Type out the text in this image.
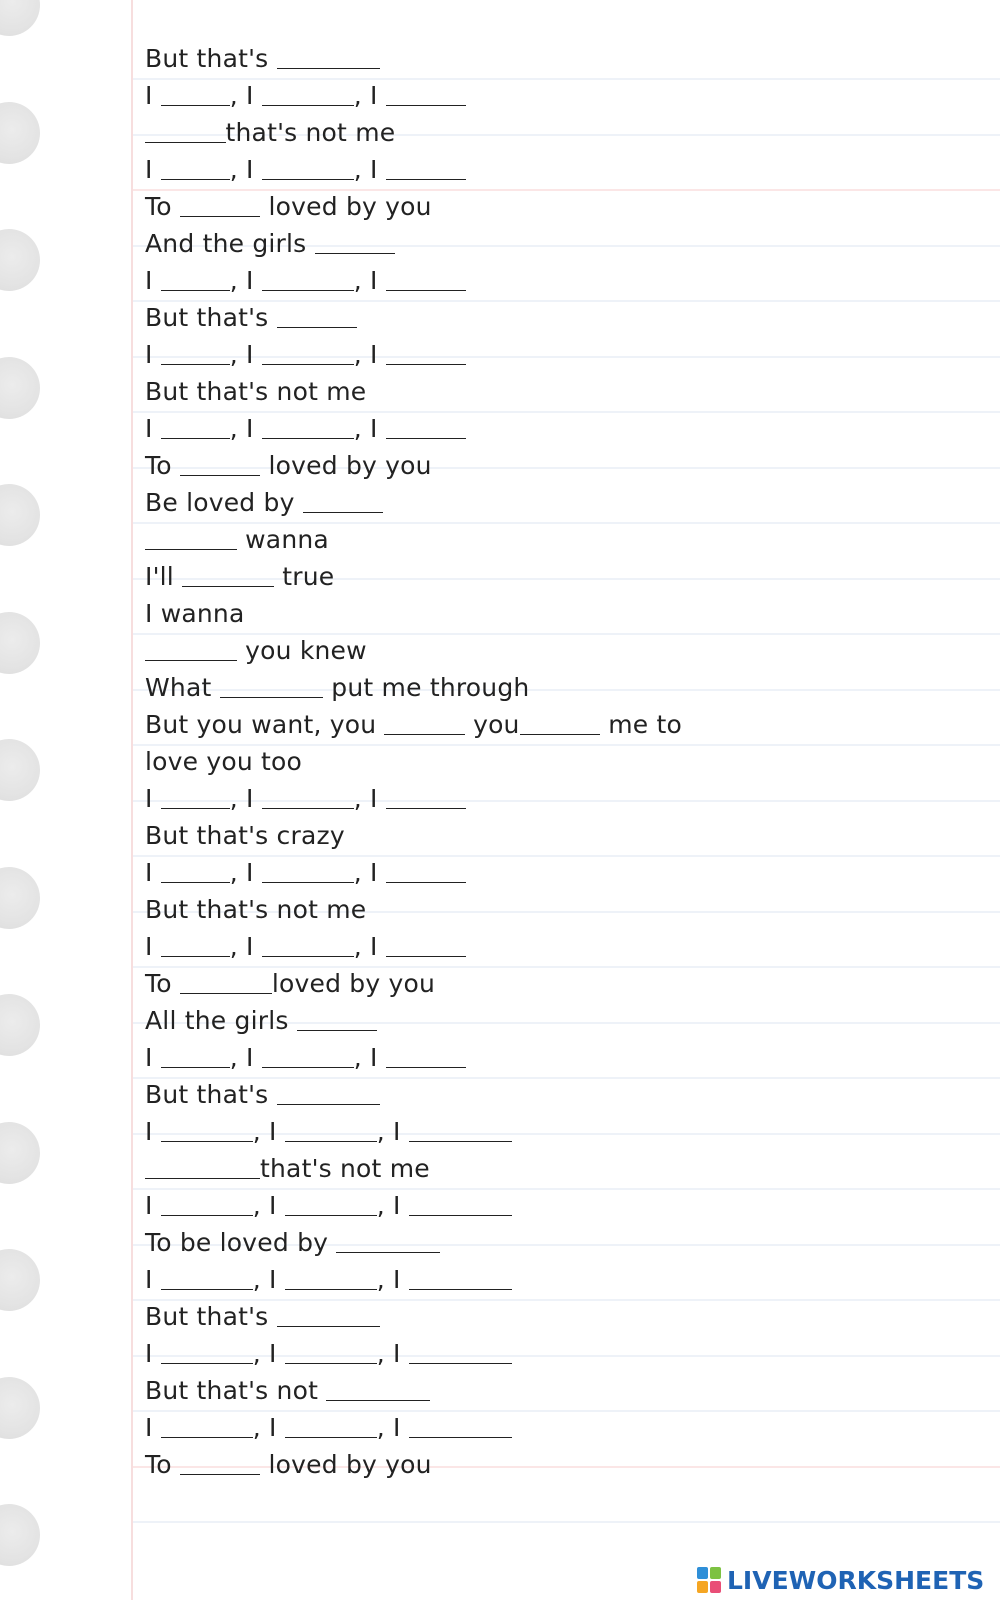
But that's
I	, I	, I
that's not me
I	, I	, I
To	loved by you
And the girls
I	, I	, I
But that's
I	, I	, I
But that's not me
I	, I	, I
To	loved by you
Be loved by
wanna
I'll	true
I wanna
you knew
What	put me through
But you want, you	you	me to
love you too
I	, I	, I
But that's crazy
I	, I	, I
But that's not me
I	, I	, I
To	loved by you
All the girls
I	, I	, I
But that's
I	, I	, I
that's not me
I	, I	, I
To be loved by
I	, I	, I
But that's
I	, I	, I
But that's not
I	, I	, I
To	loved by you
LIVEWORKSHEETS
